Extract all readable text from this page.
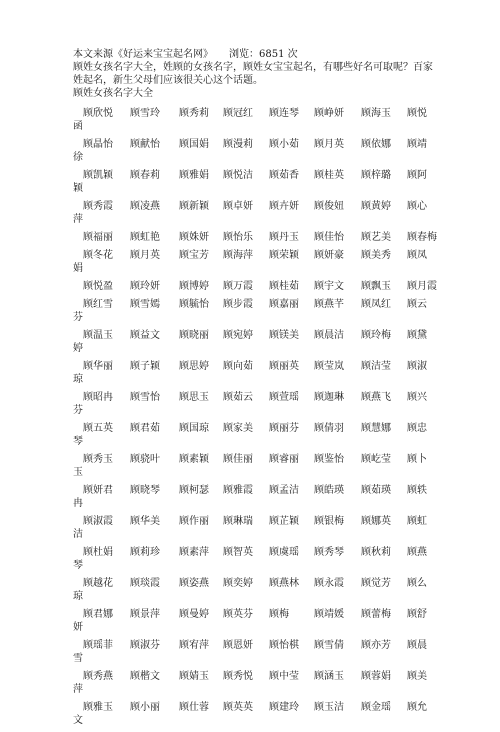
本文来源《好运来宝宝起名网》	浏览：6851 次
顾姓女孩名字大全，姓顾的女孩名字，顾姓女宝宝起名，有哪些好名可取呢？百家姓起名，新生父母们应该很关心这个话题。
顾姓女孩名字大全
顾欣悦 顾雪玲 顾秀莉 顾冠红 顾连琴 顾峥妍 顾海玉 顾悦
函
顾晶怡 顾献怡 顾国娟 顾漫莉 顾小茹 顾月英 顾依娜 顾靖
徐
顾凯颖 顾春莉 顾雅娟 顾悦洁 顾茹香 顾桂英 顾梓璐 顾阿
颖
顾秀霞 顾凌燕 顾新颖 顾卓妍 顾卉妍 顾俊妞 顾黄婷 顾心
萍
顾福丽 顾虹艳 顾姝妍 顾怡乐 顾丹玉 顾佳怡 顾艺美 顾春梅
顾冬花 顾月英 顾宝芳 顾海萍 顾荣颖 顾妍豪 顾美秀 顾凤
娟
顾悦盈 顾玲妍 顾博婷 顾万霞 顾桂茹 顾宇文 顾飘玉 顾月霞
顾红雪 顾雪嫣 顾毓怡 顾步霞 顾嘉丽 顾燕芊 顾凤红 顾云
芬
顾温玉 顾益文 顾晓丽 顾宛婷 顾镁美 顾晨洁 顾玲梅 顾黛
婷
顾华丽 顾子颖 顾思婷 顾向茹 顾丽英 顾莹岚 顾洁莹 顾淑
琼
顾昭冉 顾雪怡 顾思玉 顾茹云 顾萱瑶 顾迦琳 顾燕飞 顾兴
芬
顾五英 顾君茹 顾国琼 顾家美 顾丽芬 顾倩羽 顾慧娜 顾忠
琴
顾秀玉 顾骁叶 顾素颖 顾佳丽 顾睿丽 顾鉴怡 顾屹莹 顾卜
玉
顾妍君 顾晓琴 顾柯瑟 顾雅霞 顾孟洁 顾皓瑛 顾茹瑛 顾轶
冉
顾淑霞 顾华美 顾作丽 顾琳瑞 顾芷颖 顾银梅 顾娜英 顾虹
洁
顾杜娟 顾莉珍 顾素萍 顾智英 顾虞瑶 顾秀琴 顾秋莉 顾燕
琴
顾越花 顾琰霞 顾姿燕 顾奕婷 顾燕林 顾永霞 顾觉芳 顾么
琼
顾君娜 顾景萍 顾曼婷 顾英芬 顾梅	顾靖媛 顾蕾梅 顾舒
妍
顾瑶菲 顾淑芬 顾宥萍 顾恩妍 顾怡棋 顾雪倩 顾亦芳 顾晨
雪
顾秀燕 顾楷文 顾婧玉 顾秀悦 顾中莹 顾涵玉 顾蓉娟 顾美
萍
顾雅玉 顾小丽 顾仕蓉 顾英英 顾建玲 顾玉洁 顾金瑶 顾允
文
